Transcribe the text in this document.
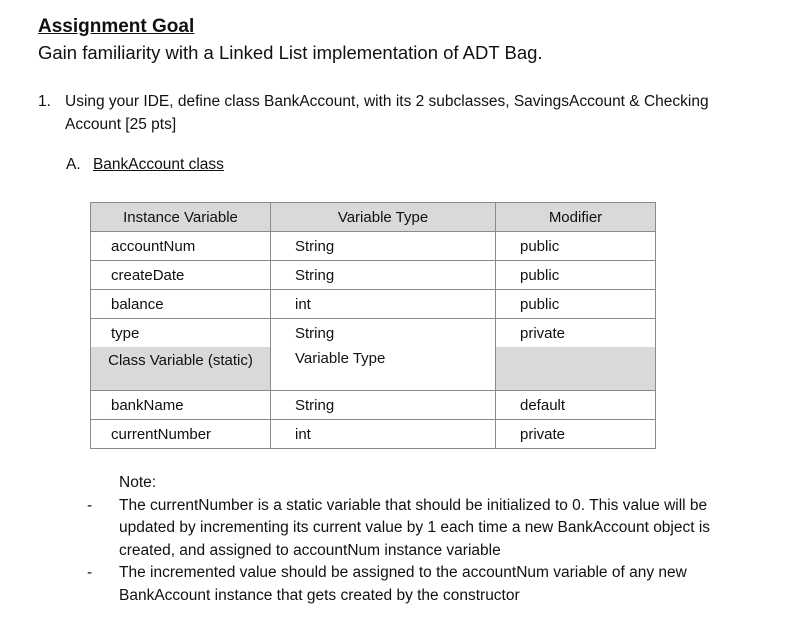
Assignment Goal
Gain familiarity with a Linked List implementation of ADT Bag.
1. Using your IDE, define class BankAccount, with its 2 subclasses, SavingsAccount & Checking Account [25 pts]
A. BankAccount class
Instance Variable	Variable Type	Modifier
accountNum	String	public
createDate	String	public
balance	int	public
type	String	private
Class Variable (static)	Variable Type	
bankName	String	default
currentNumber	int	private
Note:
- The currentNumber is a static variable that should be initialized to 0. This value will be updated by incrementing its current value by 1 each time a new BankAccount object is created, and assigned to accountNum instance variable
- The incremented value should be assigned to the accountNum variable of any new BankAccount instance that gets created by the constructor
